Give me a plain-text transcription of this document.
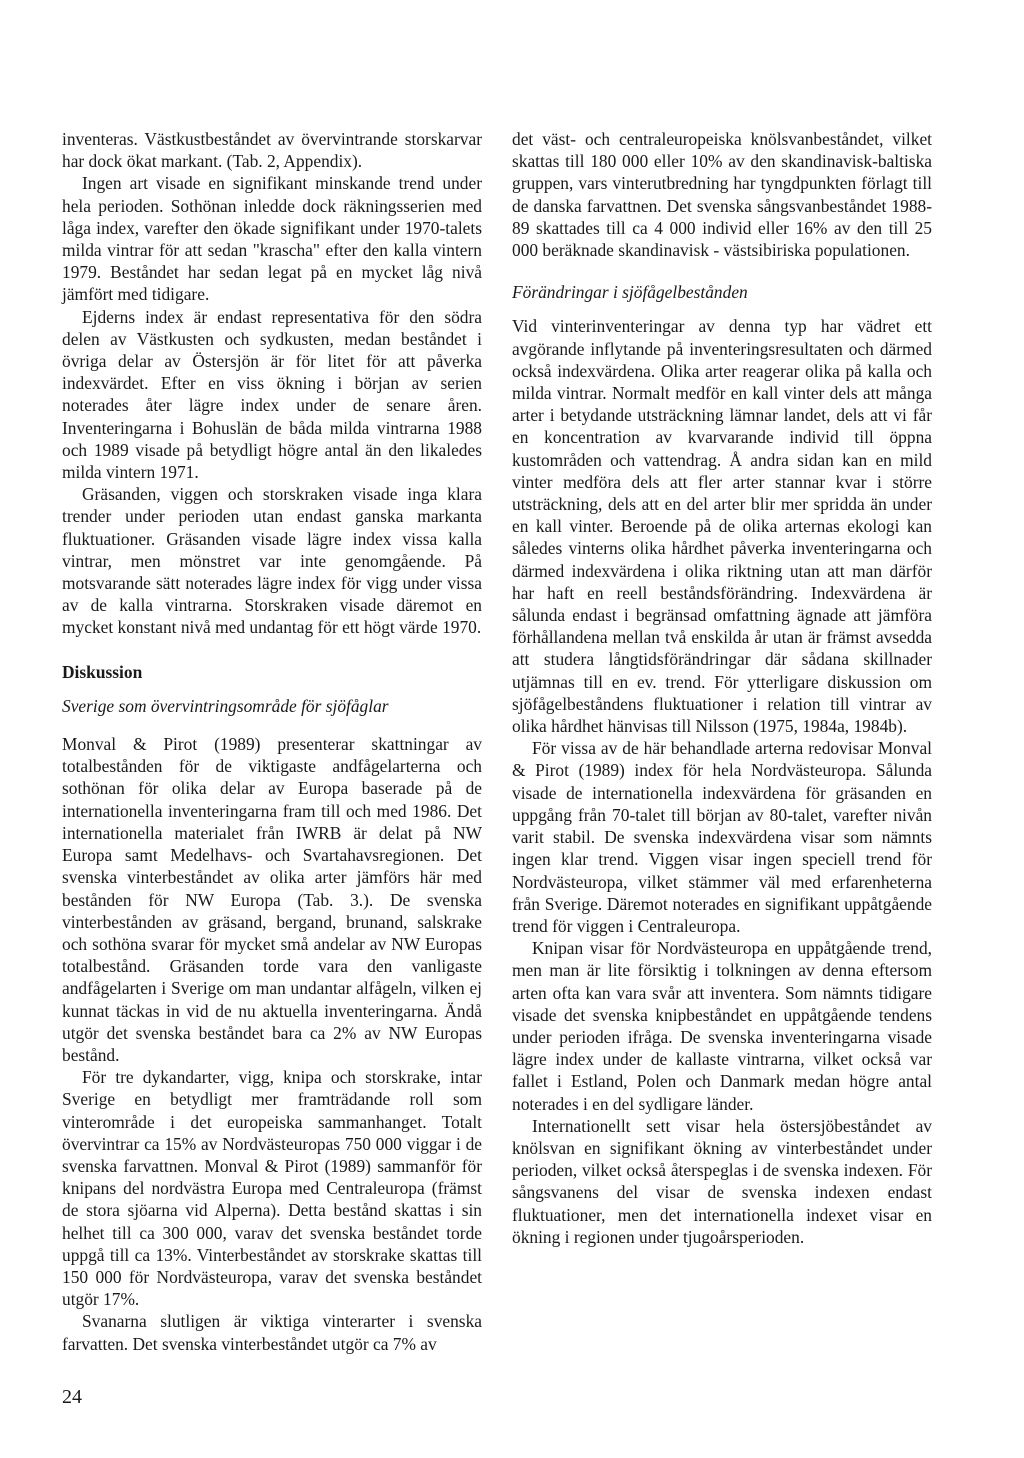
inventeras. Västkustbeståndet av övervintrande storskarvar har dock ökat markant. (Tab. 2, Appendix).

Ingen art visade en signifikant minskande trend under hela perioden. Sothönan inledde dock räkningsserien med låga index, varefter den ökade signifikant under 1970-talets milda vintrar för att sedan "krascha" efter den kalla vintern 1979. Beståndet har sedan legat på en mycket låg nivå jämfört med tidigare.

Ejderns index är endast representativa för den södra delen av Västkusten och sydkusten, medan beståndet i övriga delar av Östersjön är för litet för att påverka indexvärdet. Efter en viss ökning i början av serien noterades åter lägre index under de senare åren. Inventeringarna i Bohuslän de båda milda vintrarna 1988 och 1989 visade på betydligt högre antal än den likaledes milda vintern 1971.

Gräsanden, viggen och storskraken visade inga klara trender under perioden utan endast ganska markanta fluktuationer. Gräsanden visade lägre index vissa kalla vintrar, men mönstret var inte genomgående. På motsvarande sätt noterades lägre index för vigg under vissa av de kalla vintrarna. Storskraken visade däremot en mycket konstant nivå med undantag för ett högt värde 1970.

Diskussion
Sverige som övervintringsområde för sjöfåglar

Monval & Pirot (1989) presenterar skattningar av totalbestånden för de viktigaste andfågelarterna och sothönan för olika delar av Europa baserade på de internationella inventeringarna fram till och med 1986. Det internationella materialet från IWRB är delat på NW Europa samt Medelhavs- och Svartahavsregionen. Det svenska vinterbeståndet av olika arter jämförs här med bestånden för NW Europa (Tab. 3.). De svenska vinterbestånden av gräsand, bergand, brunand, salskrake och sothöna svarar för mycket små andelar av NW Europas totalbestånd. Gräsanden torde vara den vanligaste andfågelarten i Sverige om man undantar alfågeln, vilken ej kunnat täckas in vid de nu aktuella inventeringarna. Ändå utgör det svenska beståndet bara ca 2% av NW Europas bestånd.

För tre dykandarter, vigg, knipa och storskrake, intar Sverige en betydligt mer framträdande roll som vinterområde i det europeiska sammanhanget. Totalt övervintrar ca 15% av Nordvästeuropas 750 000 viggar i de svenska farvattnen. Monval & Pirot (1989) sammanför för knipans del nordvästra Europa med Centraleuropa (främst de stora sjöarna vid Alperna). Detta bestånd skattas i sin helhet till ca 300 000, varav det svenska beståndet torde uppgå till ca 13%. Vinterbeståndet av storskrake skattas till 150 000 för Nordvästeuropa, varav det svenska beståndet utgör 17%.

Svanarna slutligen är viktiga vinterarter i svenska farvatten. Det svenska vinterbeståndet utgör ca 7% av

det väst- och centraleuropeiska knölsvanbeståndet, vilket skattas till 180 000 eller 10% av den skandinavisk-baltiska gruppen, vars vinterutbredning har tyngdpunkten förlagt till de danska farvattnen. Det svenska sångsvanbeståndet 1988-89 skattades till ca 4 000 individ eller 16% av den till 25 000 beräknade skandinavisk - västsibiriska populationen.

Förändringar i sjöfågelbestånden

Vid vinterinventeringar av denna typ har vädret ett avgörande inflytande på inventeringsresultaten och därmed också indexvärdena. Olika arter reagerar olika på kalla och milda vintrar. Normalt medför en kall vinter dels att många arter i betydande utsträckning lämnar landet, dels att vi får en koncentration av kvarvarande individ till öppna kustområden och vattendrag. Å andra sidan kan en mild vinter medföra dels att fler arter stannar kvar i större utsträckning, dels att en del arter blir mer spridda än under en kall vinter. Beroende på de olika arternas ekologi kan således vinterns olika hårdhet påverka inventeringarna och därmed indexvärdena i olika riktning utan att man därför har haft en reell beståndsförändring. Indexvärdena är sålunda endast i begränsad omfattning ägnade att jämföra förhållandena mellan två enskilda år utan är främst avsedda att studera långtidsförändringar där sådana skillnader utjämnas till en ev. trend. För ytterligare diskussion om sjöfågelbeståndens fluktuationer i relation till vintrar av olika hårdhet hänvisas till Nilsson (1975, 1984a, 1984b).

För vissa av de här behandlade arterna redovisar Monval & Pirot (1989) index för hela Nordvästeuropa. Sålunda visade de internationella indexvärdena för gräsanden en uppgång från 70-talet till början av 80-talet, varefter nivån varit stabil. De svenska indexvärdena visar som nämnts ingen klar trend. Viggen visar ingen speciell trend för Nordvästeuropa, vilket stämmer väl med erfarenheterna från Sverige. Däremot noterades en signifikant uppåtgående trend för viggen i Centraleuropa.

Knipan visar för Nordvästeuropa en uppåtgående trend, men man är lite försiktig i tolkningen av denna eftersom arten ofta kan vara svår att inventera. Som nämnts tidigare visade det svenska knipbeståndet en uppåtgående tendens under perioden ifråga. De svenska inventeringarna visade lägre index under de kallaste vintrarna, vilket också var fallet i Estland, Polen och Danmark medan högre antal noterades i en del sydligare länder.

Internationellt sett visar hela östersjöbeståndet av knölsvan en signifikant ökning av vinterbeståndet under perioden, vilket också återspeglas i de svenska indexen. För sångsvanens del visar de svenska indexen endast fluktuationer, men det internationella indexet visar en ökning i regionen under tjugoårsperioden.

24
